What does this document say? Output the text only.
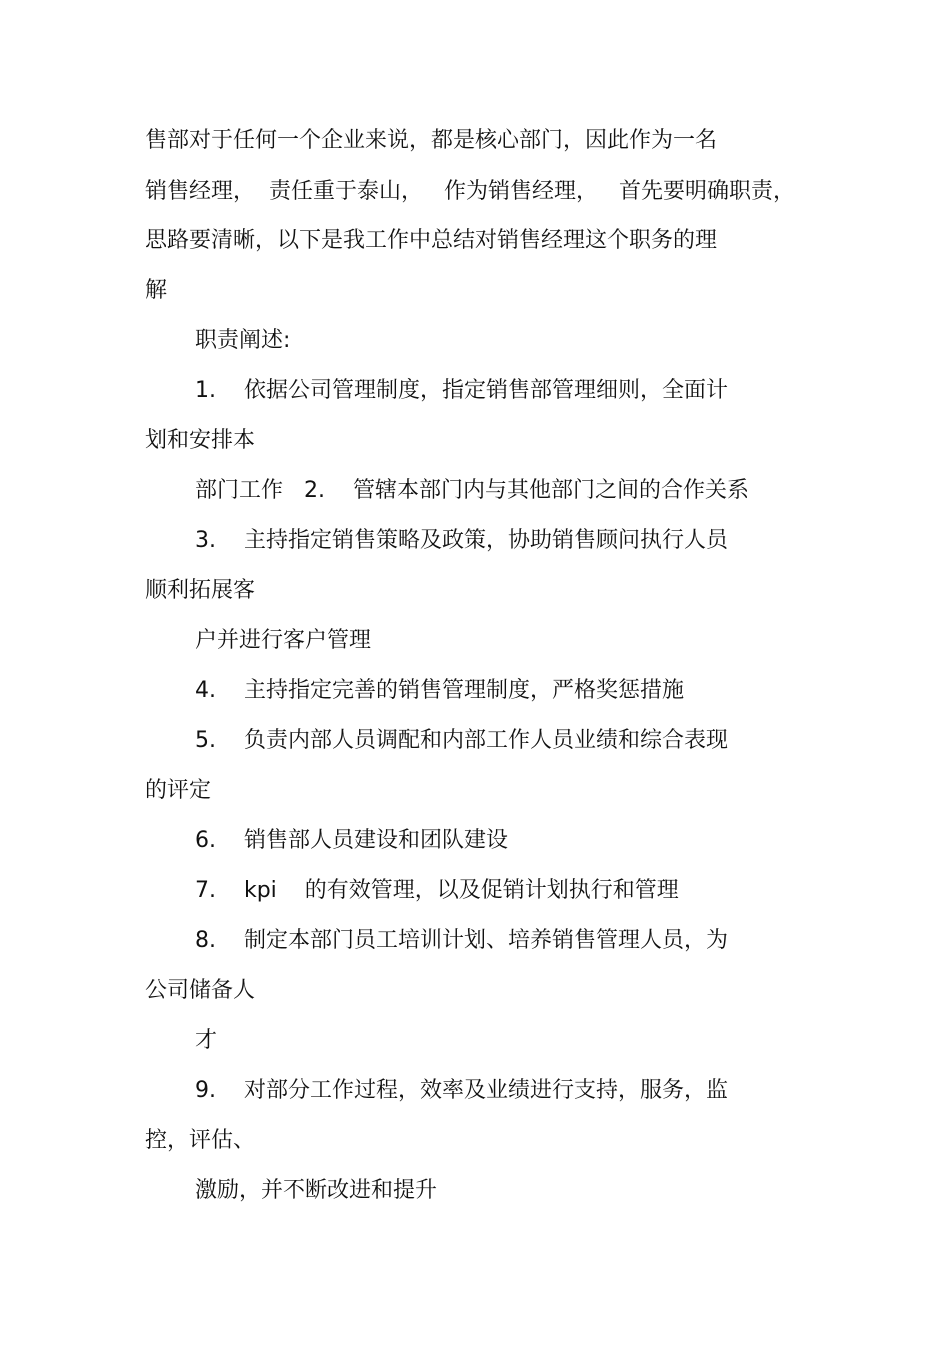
售部对于任何一个企业来说，都是核心部门，因此作为一名
销售经理，  责任重于泰山，   作为销售经理，   首先要明确职责，
思路要清晰，以下是我工作中总结对销售经理这个职务的理
解
职责阐述:
1.    依据公司管理制度，指定销售部管理细则，全面计
划和安排本
部门工作   2.    管辖本部门内与其他部门之间的合作关系
3.    主持指定销售策略及政策，协助销售顾问执行人员
顺利拓展客
户并进行客户管理
4.    主持指定完善的销售管理制度，严格奖惩措施
5.    负责内部人员调配和内部工作人员业绩和综合表现
的评定
6.    销售部人员建设和团队建设
7.    kpi    的有效管理，以及促销计划执行和管理
8.    制定本部门员工培训计划、培养销售管理人员，为
公司储备人
才
9.    对部分工作过程，效率及业绩进行支持，服务，监
控，评估、
激励，并不断改进和提升
